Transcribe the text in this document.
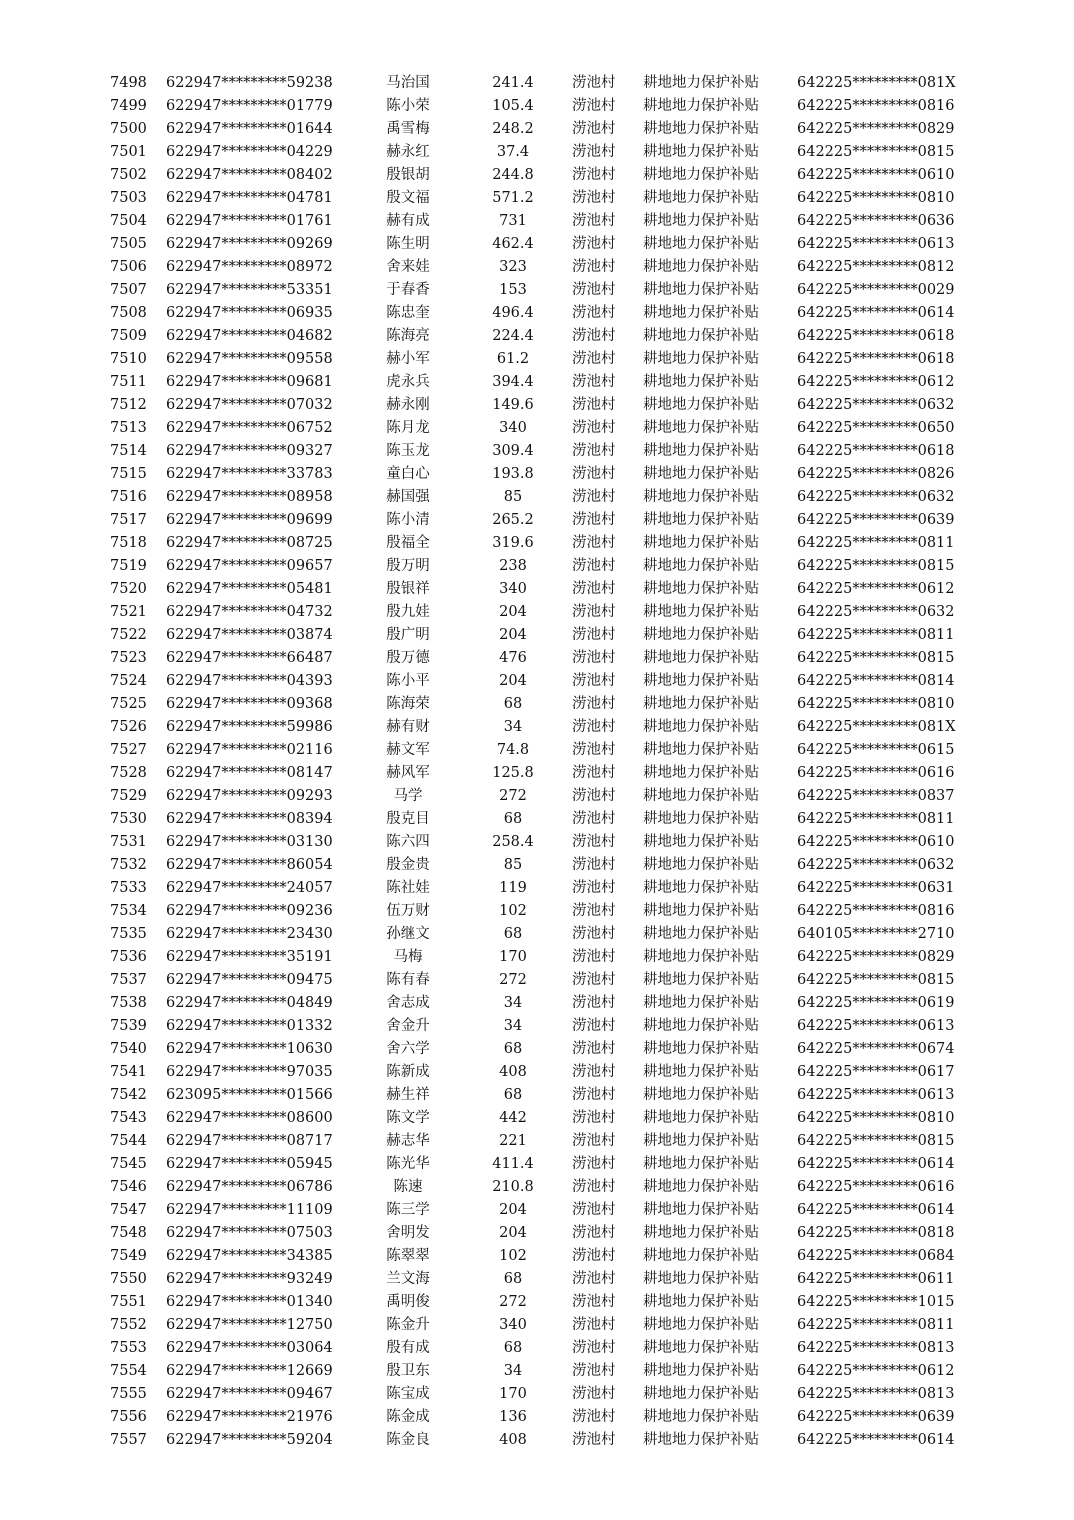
7498 622947*********59238	马治国	241.4	涝池村 耕地地力保护补贴	642225*********081X
7499 622947*********01779	陈小荣	105.4	涝池村 耕地地力保护补贴	642225*********0816
7500 622947*********01644	禹雪梅	248.2	涝池村 耕地地力保护补贴	642225*********0829
7501 622947*********04229	赫永红	37.4	涝池村 耕地地力保护补贴	642225*********0815
7502 622947*********08402	殷银胡	244.8	涝池村 耕地地力保护补贴	642225*********0610
7503 622947*********04781	殷文福	571.2	涝池村 耕地地力保护补贴	642225*********0810
7504 622947*********01761	赫有成	731	涝池村 耕地地力保护补贴	642225*********0636
7505 622947*********09269	陈生明	462.4	涝池村 耕地地力保护补贴	642225*********0613
7506 622947*********08972	舍来娃	323	涝池村 耕地地力保护补贴	642225*********0812
7507 622947*********53351	于春香	153	涝池村 耕地地力保护补贴	642225*********0029
7508 622947*********06935	陈忠奎	496.4	涝池村 耕地地力保护补贴	642225*********0614
7509 622947*********04682	陈海亮	224.4	涝池村 耕地地力保护补贴	642225*********0618
7510 622947*********09558	赫小军	61.2	涝池村 耕地地力保护补贴	642225*********0618
7511 622947*********09681	虎永兵	394.4	涝池村 耕地地力保护补贴	642225*********0612
7512 622947*********07032	赫永刚	149.6	涝池村 耕地地力保护补贴	642225*********0632
7513 622947*********06752	陈月龙	340	涝池村 耕地地力保护补贴	642225*********0650
7514 622947*********09327	陈玉龙	309.4	涝池村 耕地地力保护补贴	642225*********0618
7515 622947*********33783	童白心	193.8	涝池村 耕地地力保护补贴	642225*********0826
7516 622947*********08958	赫国强	85	涝池村 耕地地力保护补贴	642225*********0632
7517 622947*********09699	陈小清	265.2	涝池村 耕地地力保护补贴	642225*********0639
7518 622947*********08725	殷福全	319.6	涝池村 耕地地力保护补贴	642225*********0811
7519 622947*********09657	殷万明	238	涝池村 耕地地力保护补贴	642225*********0815
7520 622947*********05481	殷银祥	340	涝池村 耕地地力保护补贴	642225*********0612
7521 622947*********04732	殷九娃	204	涝池村 耕地地力保护补贴	642225*********0632
7522 622947*********03874	殷广明	204	涝池村 耕地地力保护补贴	642225*********0811
7523 622947*********66487	殷万德	476	涝池村 耕地地力保护补贴	642225*********0815
7524 622947*********04393	陈小平	204	涝池村 耕地地力保护补贴	642225*********0814
7525 622947*********09368	陈海荣	68	涝池村 耕地地力保护补贴	642225*********0810
7526 622947*********59986	赫有财	34	涝池村 耕地地力保护补贴	642225*********081X
7527 622947*********02116	赫文军	74.8	涝池村 耕地地力保护补贴	642225*********0615
7528 622947*********08147	赫风军	125.8	涝池村 耕地地力保护补贴	642225*********0616
7529 622947*********09293	马学	272	涝池村 耕地地力保护补贴	642225*********0837
7530 622947*********08394	殷克目	68	涝池村 耕地地力保护补贴	642225*********0811
7531 622947*********03130	陈六四	258.4	涝池村 耕地地力保护补贴	642225*********0610
7532 622947*********86054	殷金贵	85	涝池村 耕地地力保护补贴	642225*********0632
7533 622947*********24057	陈社娃	119	涝池村 耕地地力保护补贴	642225*********0631
7534 622947*********09236	伍万财	102	涝池村 耕地地力保护补贴	642225*********0816
7535 622947*********23430	孙继文	68	涝池村 耕地地力保护补贴	640105*********2710
7536 622947*********35191	马梅	170	涝池村 耕地地力保护补贴	642225*********0829
7537 622947*********09475	陈有春	272	涝池村 耕地地力保护补贴	642225*********0815
7538 622947*********04849	舍志成	34	涝池村 耕地地力保护补贴	642225*********0619
7539 622947*********01332	舍金升	34	涝池村 耕地地力保护补贴	642225*********0613
7540 622947*********10630	舍六学	68	涝池村 耕地地力保护补贴	642225*********0674
7541 622947*********97035	陈新成	408	涝池村 耕地地力保护补贴	642225*********0617
7542 623095*********01566	赫生祥	68	涝池村 耕地地力保护补贴	642225*********0613
7543 622947*********08600	陈文学	442	涝池村 耕地地力保护补贴	642225*********0810
7544 622947*********08717	赫志华	221	涝池村 耕地地力保护补贴	642225*********0815
7545 622947*********05945	陈光华	411.4	涝池村 耕地地力保护补贴	642225*********0614
7546 622947*********06786	陈速	210.8	涝池村 耕地地力保护补贴	642225*********0616
7547 622947*********11109	陈三学	204	涝池村 耕地地力保护补贴	642225*********0614
7548 622947*********07503	舍明发	204	涝池村 耕地地力保护补贴	642225*********0818
7549 622947*********34385	陈翠翠	102	涝池村 耕地地力保护补贴	642225*********0684
7550 622947*********93249	兰文海	68	涝池村 耕地地力保护补贴	642225*********0611
7551 622947*********01340	禹明俊	272	涝池村 耕地地力保护补贴	642225*********1015
7552 622947*********12750	陈金升	340	涝池村 耕地地力保护补贴	642225*********0811
7553 622947*********03064	殷有成	68	涝池村 耕地地力保护补贴	642225*********0813
7554 622947*********12669	殷卫东	34	涝池村 耕地地力保护补贴	642225*********0612
7555 622947*********09467	陈宝成	170	涝池村 耕地地力保护补贴	642225*********0813
7556 622947*********21976	陈金成	136	涝池村 耕地地力保护补贴	642225*********0639
7557 622947*********59204	陈金良	408	涝池村 耕地地力保护补贴	642225*********0614
